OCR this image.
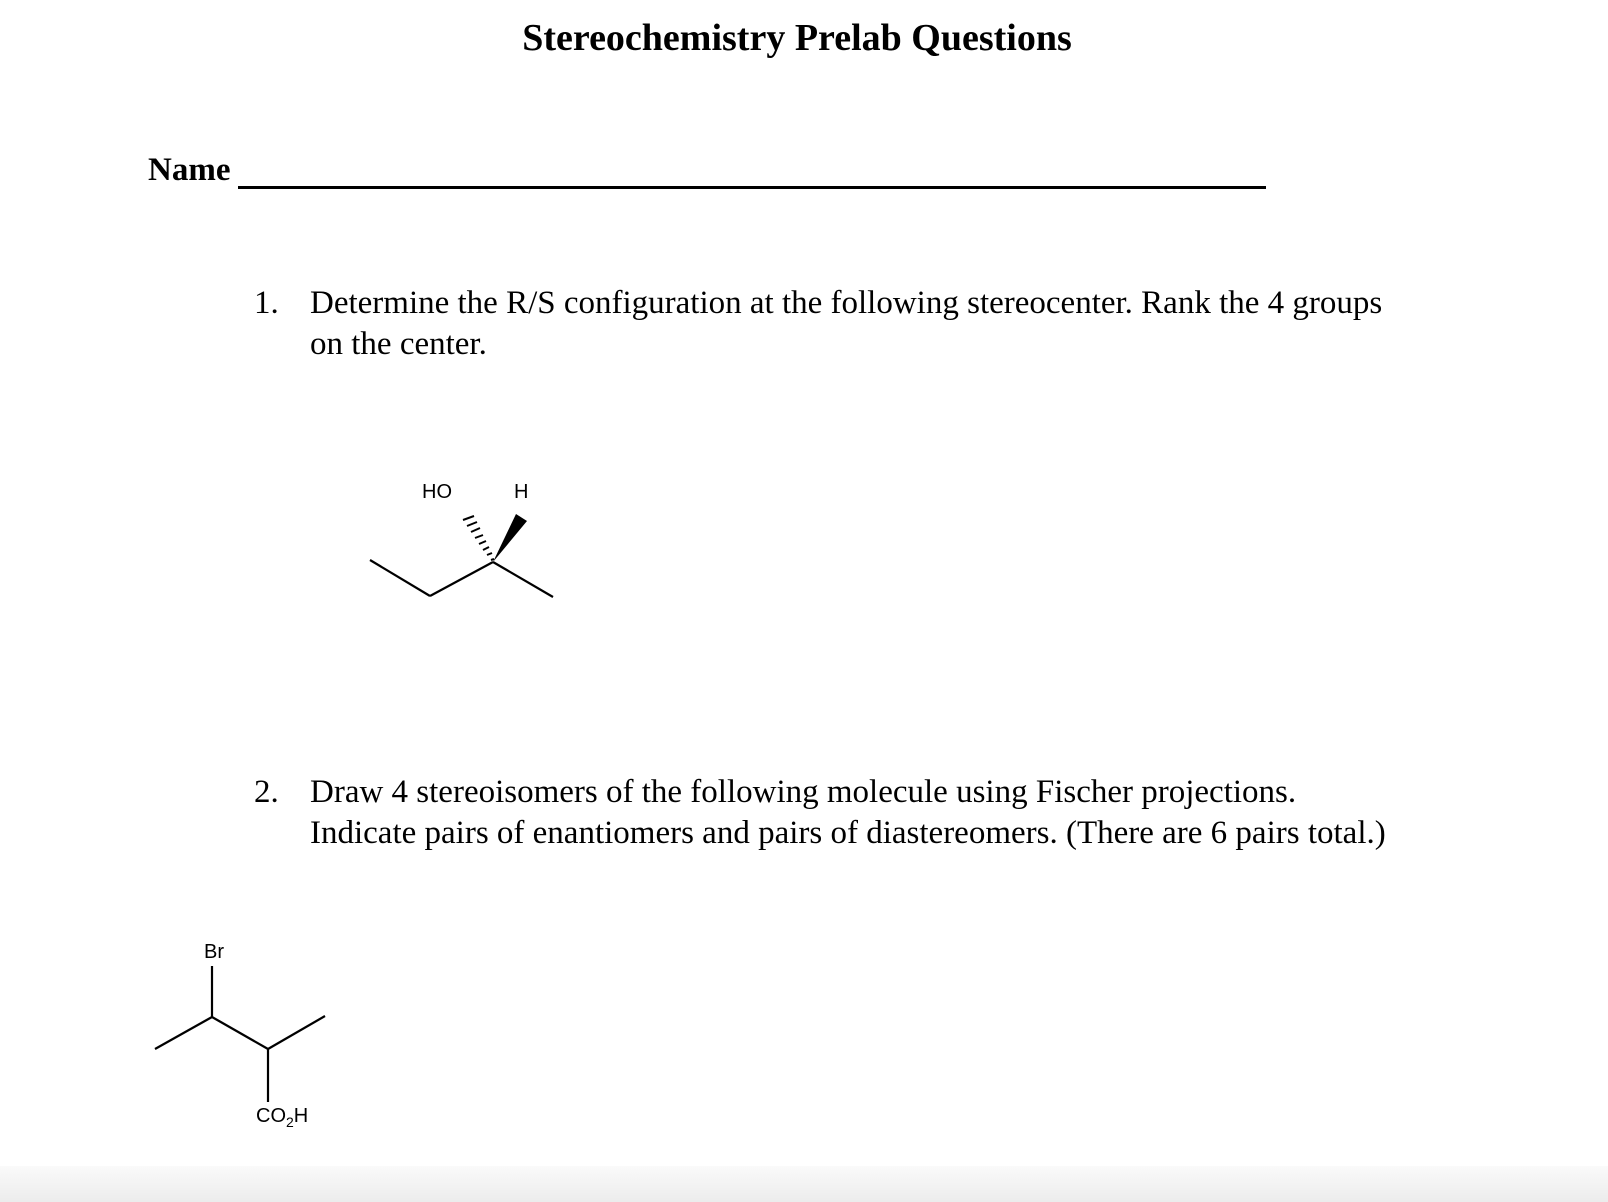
Stereochemistry Prelab Questions
Name
1. Determine the R/S configuration at the following stereocenter. Rank the 4 groups on the center.
HO	H
2. Draw 4 stereoisomers of the following molecule using Fischer projections. Indicate pairs of enantiomers and pairs of diastereomers. (There are 6 pairs total.)
Br
$CO_2H$
